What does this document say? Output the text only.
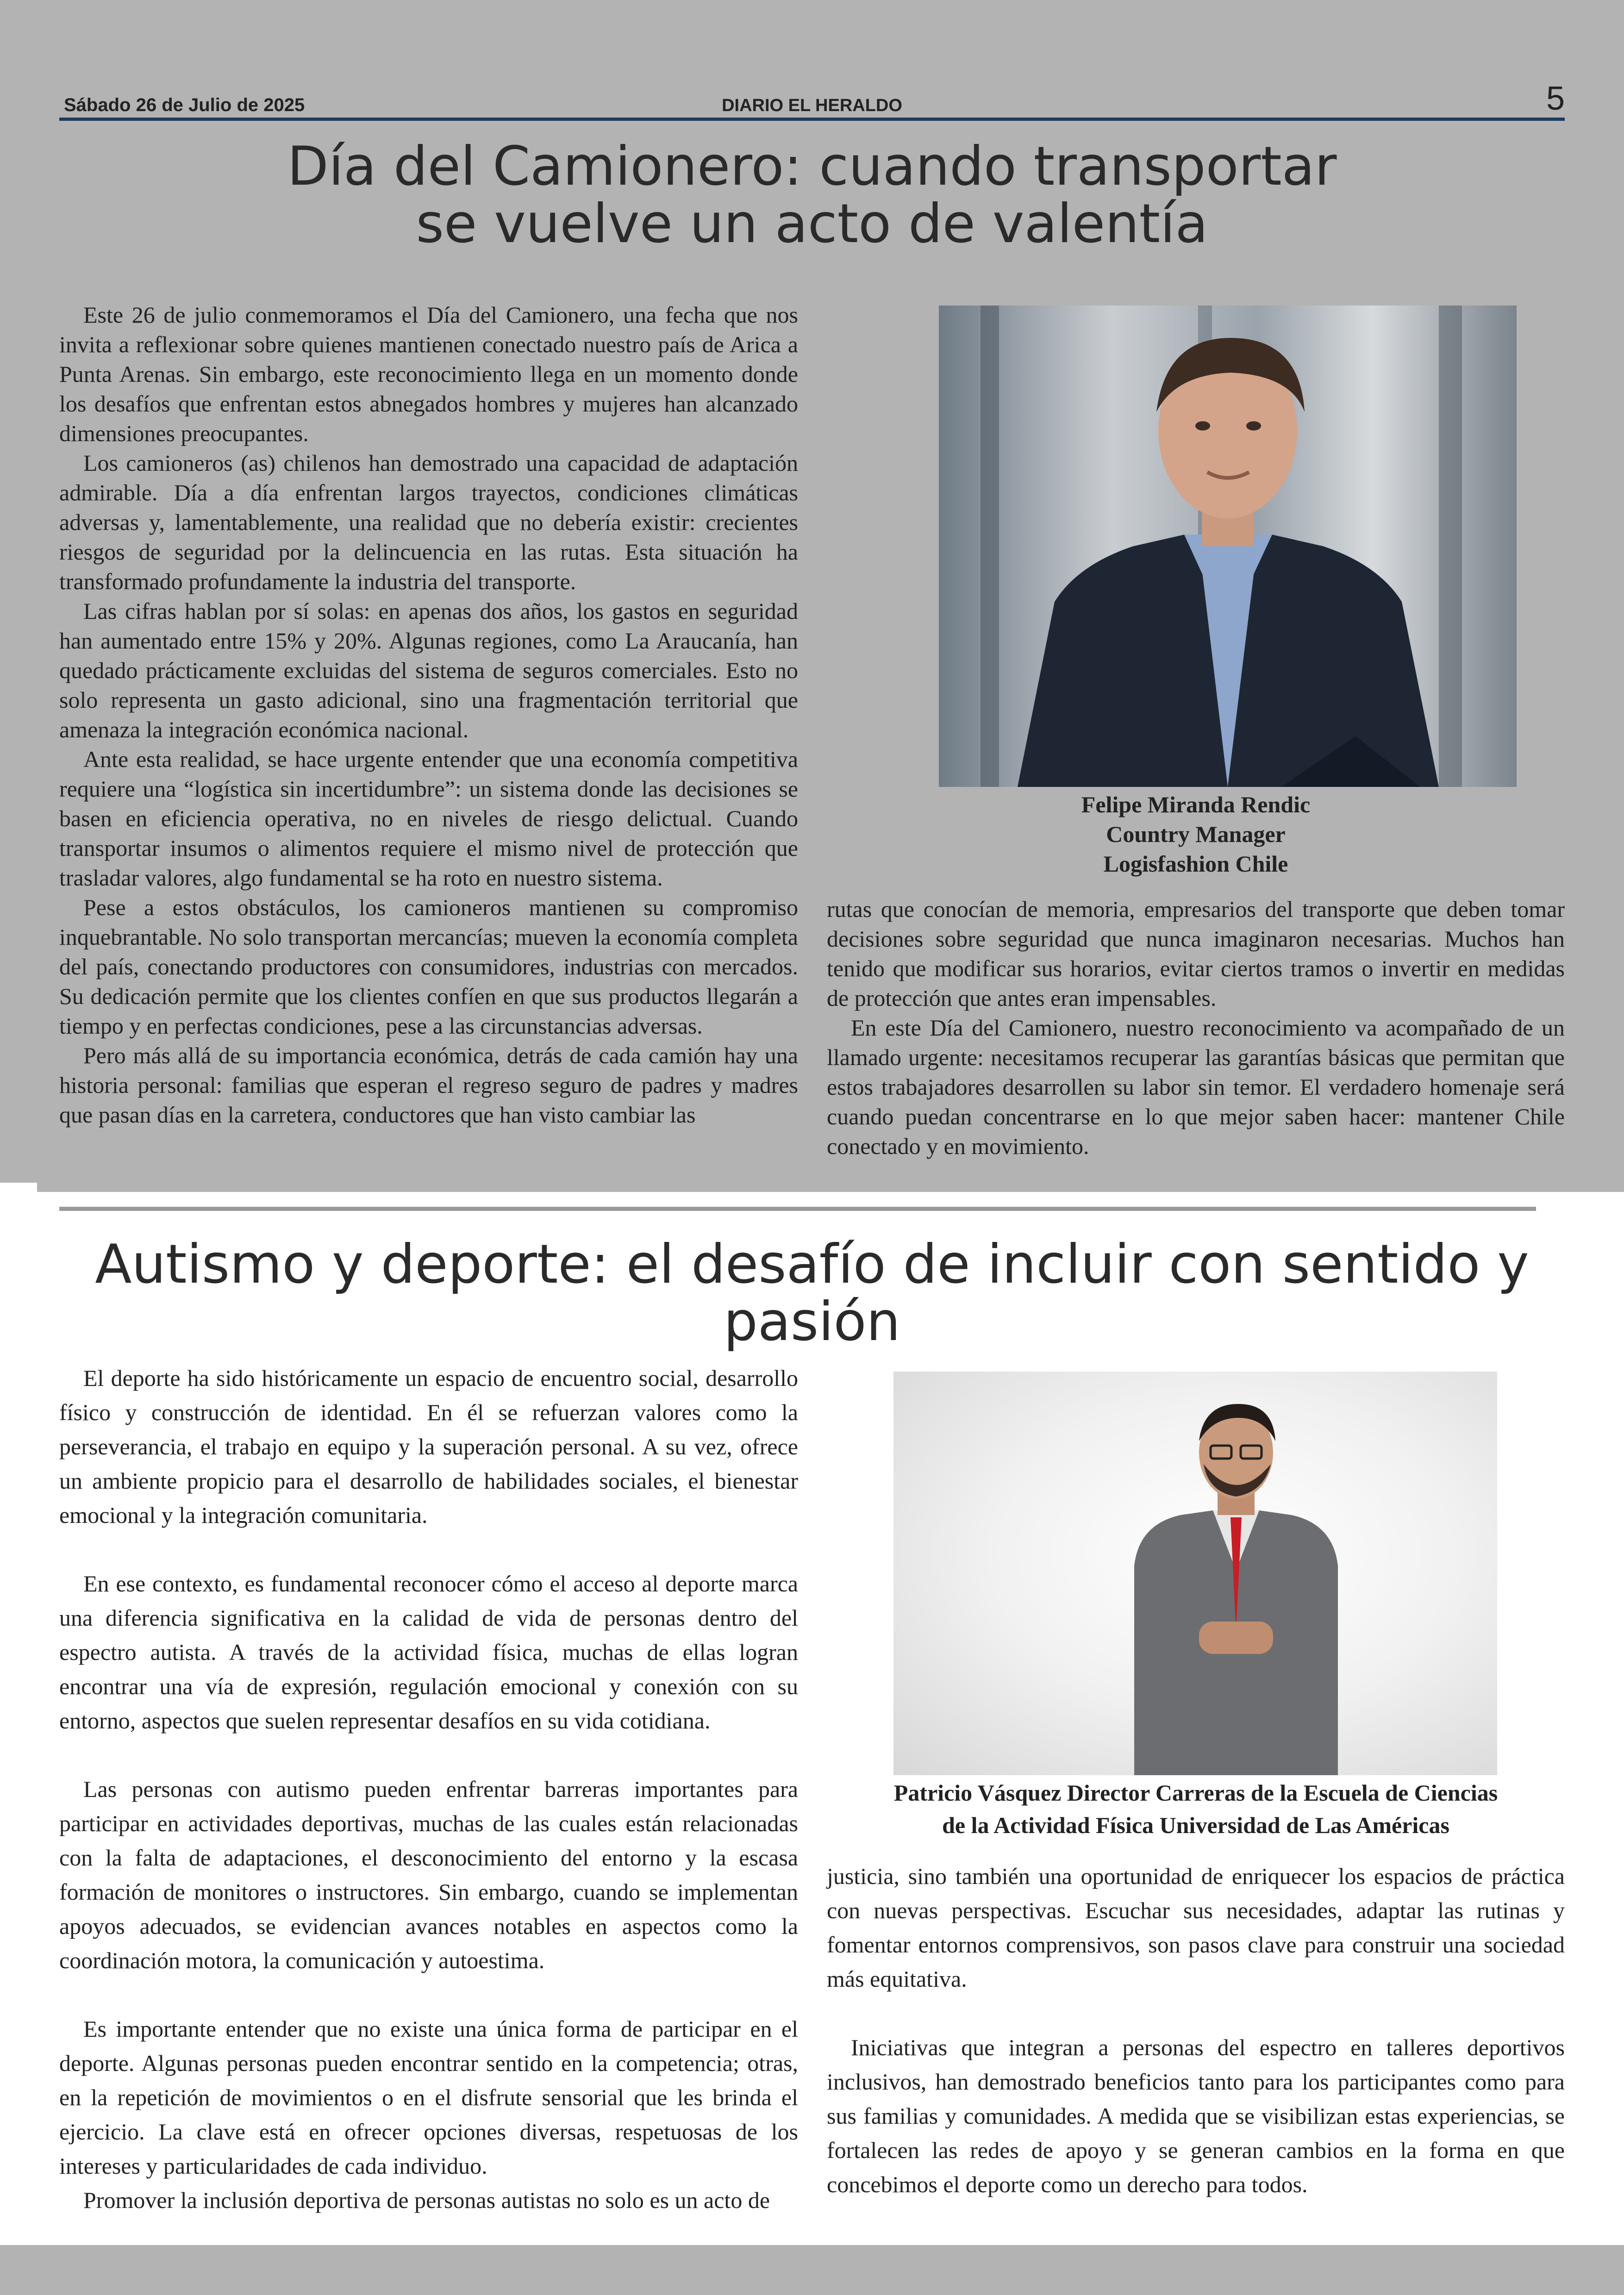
Sábado 26 de Julio de 2025	DIARIO EL HERALDO	5
Día del Camionero: cuando transportar
se vuelve un acto de valentía

Este 26 de julio conmemoramos el Día del Camionero, una fecha que nos invita a reflexionar sobre quienes mantienen conectado nuestro país de Arica a Punta Arenas. Sin embargo, este reconocimiento llega en un momento donde los desafíos que enfrentan estos abnegados hombres y mujeres han alcanzado dimensiones preocupantes.

Los camioneros (as) chilenos han demostrado una capacidad de adaptación admirable. Día a día enfrentan largos trayectos, condiciones climáticas adversas y, lamentablemente, una realidad que no debería existir: crecientes riesgos de seguridad por la delincuencia en las rutas. Esta situación ha transformado profundamente la industria del transporte.

Las cifras hablan por sí solas: en apenas dos años, los gastos en seguridad han aumentado entre 15% y 20%. Algunas regiones, como La Araucanía, han quedado prácticamente excluidas del sistema de seguros comerciales. Esto no solo representa un gasto adicional, sino una fragmentación territorial que amenaza la integración económica nacional.

Ante esta realidad, se hace urgente entender que una economía competitiva requiere una “logística sin incertidumbre”: un sistema donde las decisiones se basen en eficiencia operativa, no en niveles de riesgo delictual. Cuando transportar insumos o alimentos requiere el mismo nivel de protección que trasladar valores, algo fundamental se ha roto en nuestro sistema.

Pese a estos obstáculos, los camioneros mantienen su compromiso inquebrantable. No solo transportan mercancías; mueven la economía completa del país, conectando productores con consumidores, industrias con mercados. Su dedicación permite que los clientes confíen en que sus productos llegarán a tiempo y en perfectas condiciones, pese a las circunstancias adversas.

Pero más allá de su importancia económica, detrás de cada camión hay una historia personal: familias que esperan el regreso seguro de padres y madres que pasan días en la carretera, conductores que han visto cambiar las

Felipe Miranda Rendic
Country Manager
Logisfashion Chile

rutas que conocían de memoria, empresarios del transporte que deben tomar decisiones sobre seguridad que nunca imaginaron necesarias. Muchos han tenido que modificar sus horarios, evitar ciertos tramos o invertir en medidas de protección que antes eran impensables.

En este Día del Camionero, nuestro reconocimiento va acompañado de un llamado urgente: necesitamos recuperar las garantías básicas que permitan que estos trabajadores desarrollen su labor sin temor. El verdadero homenaje será cuando puedan concentrarse en lo que mejor saben hacer: mantener Chile conectado y en movimiento.

Autismo y deporte: el desafío de incluir con sentido y pasión

El deporte ha sido históricamente un espacio de encuentro social, desarrollo físico y construcción de identidad. En él se refuerzan valores como la perseverancia, el trabajo en equipo y la superación personal. A su vez, ofrece un ambiente propicio para el desarrollo de habilidades sociales, el bienestar emocional y la integración comunitaria.

En ese contexto, es fundamental reconocer cómo el acceso al deporte marca una diferencia significativa en la calidad de vida de personas dentro del espectro autista. A través de la actividad física, muchas de ellas logran encontrar una vía de expresión, regulación emocional y conexión con su entorno, aspectos que suelen representar desafíos en su vida cotidiana.

Las personas con autismo pueden enfrentar barreras importantes para participar en actividades deportivas, muchas de las cuales están relacionadas con la falta de adaptaciones, el desconocimiento del entorno y la escasa formación de monitores o instructores. Sin embargo, cuando se implementan apoyos adecuados, se evidencian avances notables en aspectos como la coordinación motora, la comunicación y autoestima.

Es importante entender que no existe una única forma de participar en el deporte. Algunas personas pueden encontrar sentido en la competencia; otras, en la repetición de movimientos o en el disfrute sensorial que les brinda el ejercicio. La clave está en ofrecer opciones diversas, respetuosas de los intereses y particularidades de cada individuo.

Promover la inclusión deportiva de personas autistas no solo es un acto de

Patricio Vásquez Director Carreras de la Escuela de Ciencias
de la Actividad Física Universidad de Las Américas

justicia, sino también una oportunidad de enriquecer los espacios de práctica con nuevas perspectivas. Escuchar sus necesidades, adaptar las rutinas y fomentar entornos comprensivos, son pasos clave para construir una sociedad más equitativa.

Iniciativas que integran a personas del espectro en talleres deportivos inclusivos, han demostrado beneficios tanto para los participantes como para sus familias y comunidades. A medida que se visibilizan estas experiencias, se fortalecen las redes de apoyo y se generan cambios en la forma en que concebimos el deporte como un derecho para todos.
